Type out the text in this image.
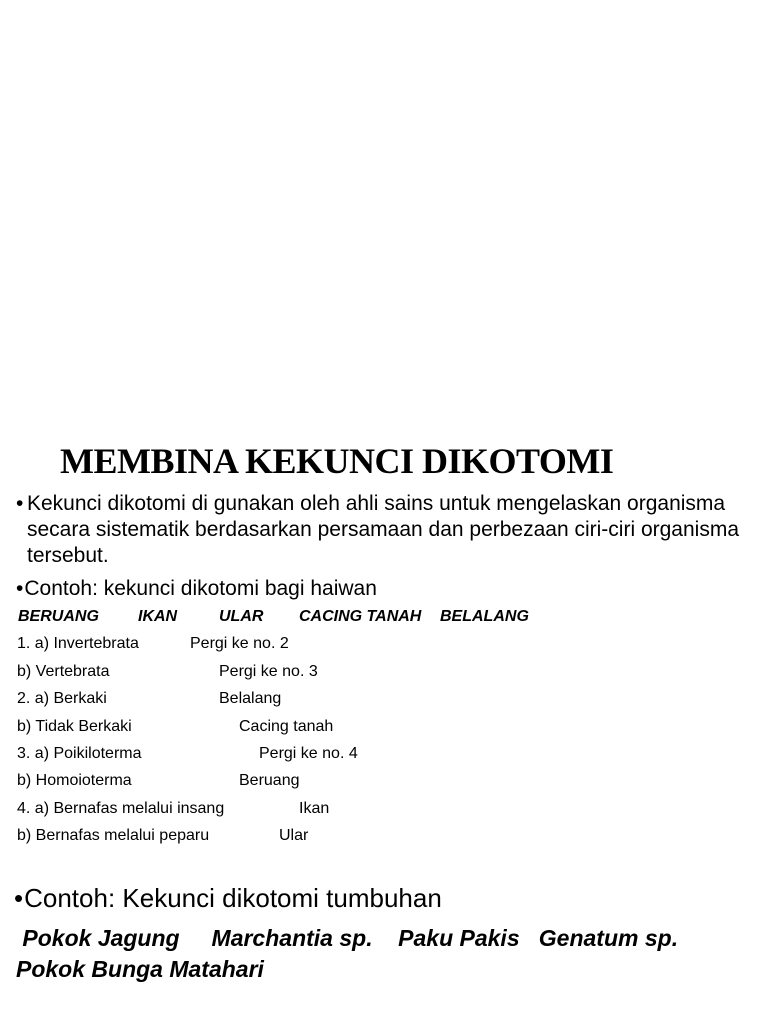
MEMBINA KEKUNCI DIKOTOMI
• Kekunci dikotomi di gunakan oleh ahli sains untuk mengelaskan organisma secara sistematik berdasarkan persamaan dan perbezaan ciri-ciri organisma tersebut.
•Contoh: kekunci dikotomi bagi haiwan
BERUANG IKAN	ULAR CACING TANAH BELALANG
1. a) Invertebrata	Pergi ke no. 2
b) Vertebrata	Pergi ke no. 3
2. a) Berkaki	Belalang
b) Tidak Berkaki	Cacing tanah
3. a) Poikiloterma	Pergi ke no. 4
b) Homoioterma	Beruang
4. a) Bernafas melalui insang	Ikan
b) Bernafas melalui peparu	Ular
•Contoh: Kekunci dikotomi tumbuhan
Pokok Jagung     Marchantia sp.    Paku Pakis   Genatum sp.
Pokok Bunga Matahari
